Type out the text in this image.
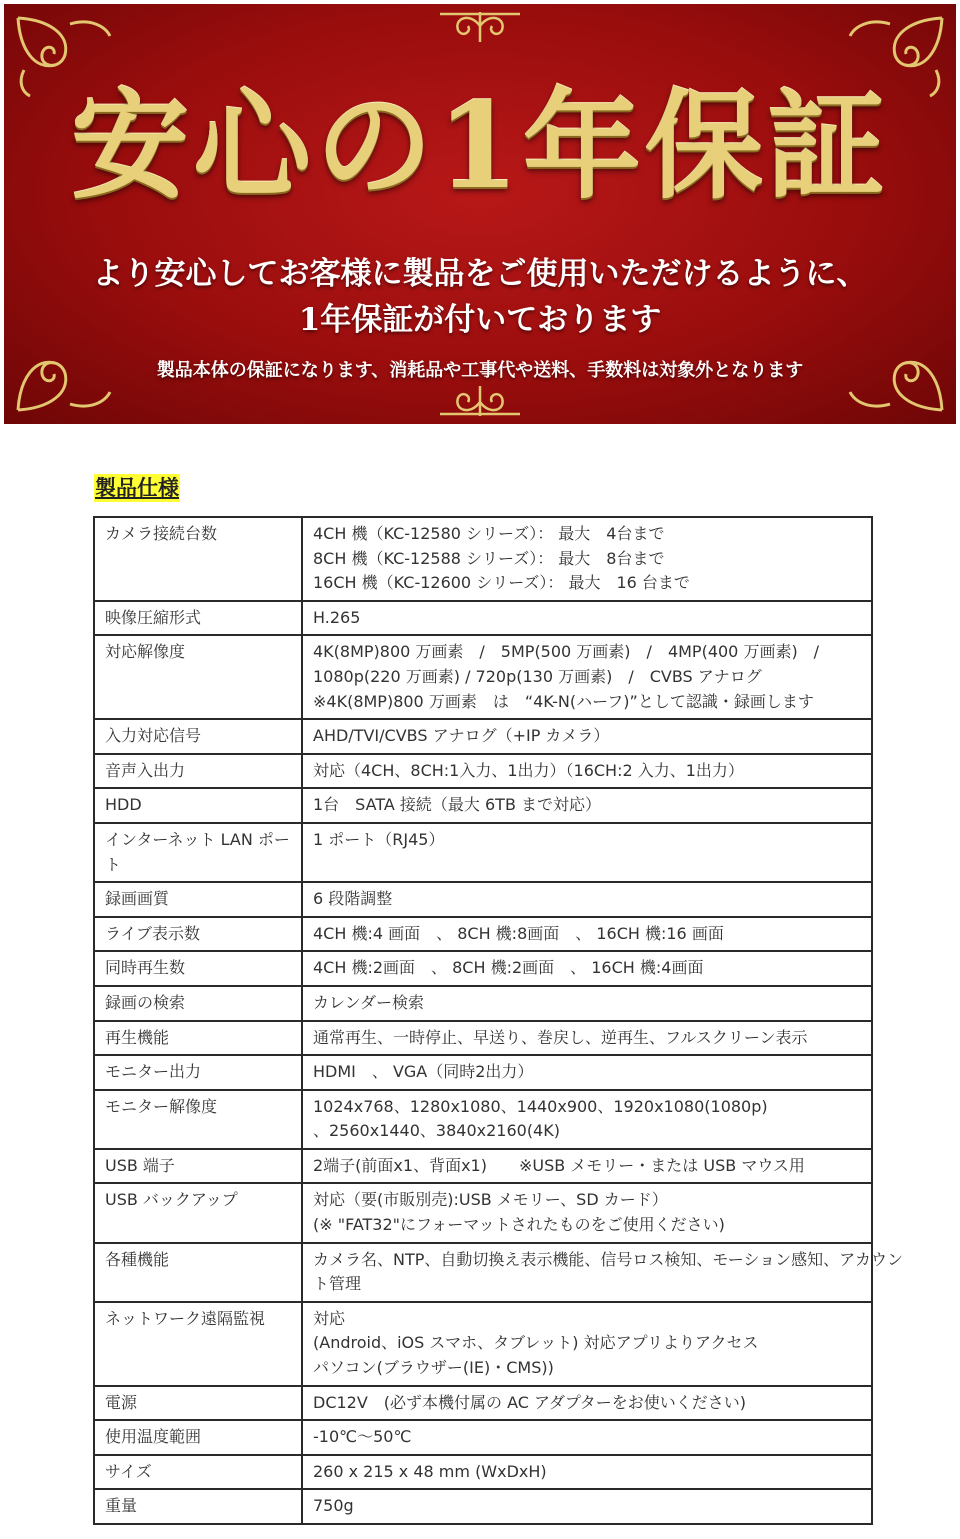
安心の1年保証
より安心してお客様に製品をご使用いただけるように、
1年保証が付いております
製品本体の保証になります、消耗品や工事代や送料、手数料は対象外となります
製品仕様
カメラ接続台数	4CH 機（KC-12580 シリーズ）： 最大　4台まで
8CH 機（KC-12588 シリーズ）： 最大　8台まで
16CH 機（KC-12600 シリーズ）： 最大　16 台まで

映像圧縮形式	H.265

対応解像度	4K(8MP)800 万画素　/　5MP(500 万画素)　/　4MP(400 万画素)　/
1080p(220 万画素) / 720p(130 万画素)　/　CVBS アナログ
※4K(8MP)800 万画素　は　“4K-N(ハーフ)”として認識・録画します

入力対応信号	AHD/TVI/CVBS アナログ（+IP カメラ）

音声入出力	対応（4CH、8CH:1入力、1出力）（16CH:2 入力、1出力）

HDD	1台　SATA 接続（最大 6TB まで対応）

インターネット LAN ポート	1 ポート（RJ45）

録画画質	6 段階調整

ライブ表示数	4CH 機:4 画面　、 8CH 機:8画面　、 16CH 機:16 画面

同時再生数	4CH 機:2画面　、 8CH 機:2画面　、 16CH 機:4画面

録画の検索	カレンダー検索

再生機能	通常再生、一時停止、早送り、巻戻し、逆再生、フルスクリーン表示

モニター出力	HDMI　、 VGA（同時2出力）

モニター解像度	1024x768、1280x1080、1440x900、1920x1080(1080p)
、2560x1440、3840x2160(4K)

USB 端子	2端子(前面x1、背面x1)　　※USB メモリー・または USB マウス用

USB バックアップ	対応（要(市販別売):USB メモリー、SD カード）
(※ "FAT32"にフォーマットされたものをご使用ください)

各種機能	カメラ名、NTP、自動切換え表示機能、信号ロス検知、モーション感知、アカウン
ト管理

ネットワーク遠隔監視	対応
(Android、iOS スマホ、タブレット) 対応アプリよりアクセス
パソコン(ブラウザー(IE)・CMS))

電源	DC12V　(必ず本機付属の AC アダプターをお使いください)

使用温度範囲	-10℃～50℃

サイズ	260 x 215 x 48 mm (WxDxH)

重量	750g
